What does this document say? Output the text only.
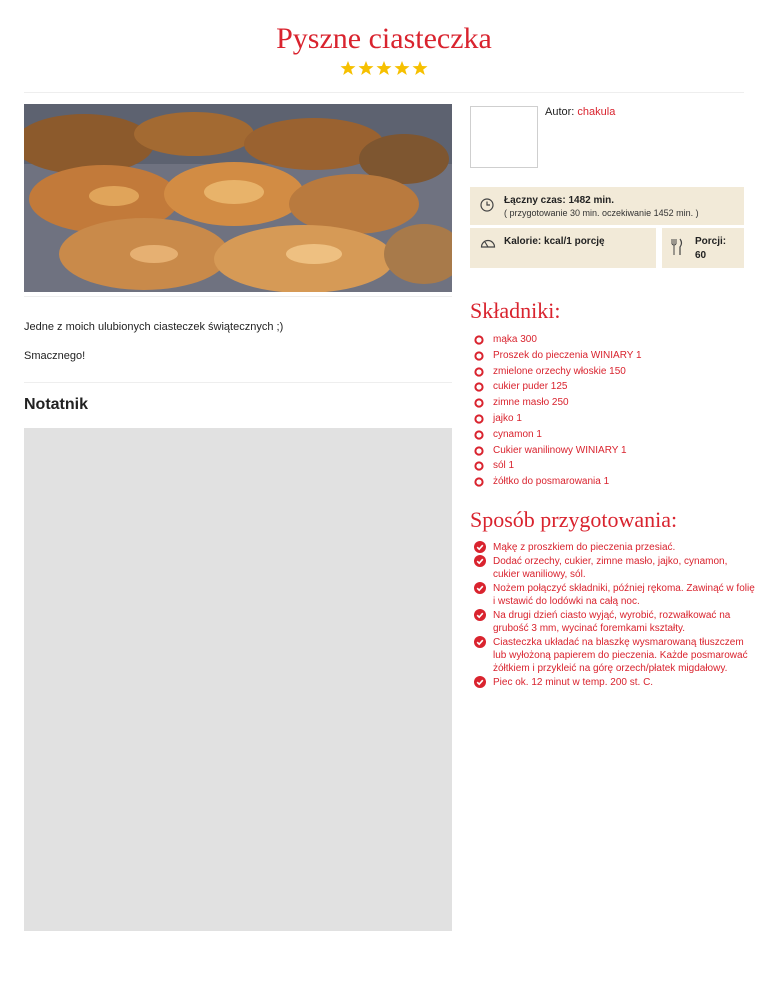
Pyszne ciasteczka
Jedne z moich ulubionych ciasteczek świątecznych ;)
Smacznego!
Notatnik
Autor: chakula
Łączny czas: 1482 min.
( przygotowanie 30 min. oczekiwanie 1452 min. )
Kalorie: kcal/1 porcję	Porcji:
60
Składniki:
mąka 300
Proszek do pieczenia WINIARY 1
zmielone orzechy włoskie 150
cukier puder 125
zimne masło 250
jajko 1
cynamon 1
Cukier wanilinowy WINIARY 1
sól 1
żółtko do posmarowania 1
Sposób przygotowania:
Mąkę z proszkiem do pieczenia przesiać.
Dodać orzechy, cukier, zimne masło, jajko, cynamon, cukier waniliowy, sól.
Nożem połączyć składniki, później rękoma. Zawinąć w folię i wstawić do lodówki na całą noc.
Na drugi dzień ciasto wyjąć, wyrobić, rozwałkować na grubość 3 mm, wycinać foremkami kształty.
Ciasteczka układać na blaszkę wysmarowaną tłuszczem lub wyłożoną papierem do pieczenia. Każde posmarować żółtkiem i przykleić na górę orzech/płatek migdałowy.
Piec ok. 12 minut w temp. 200 st. C.
